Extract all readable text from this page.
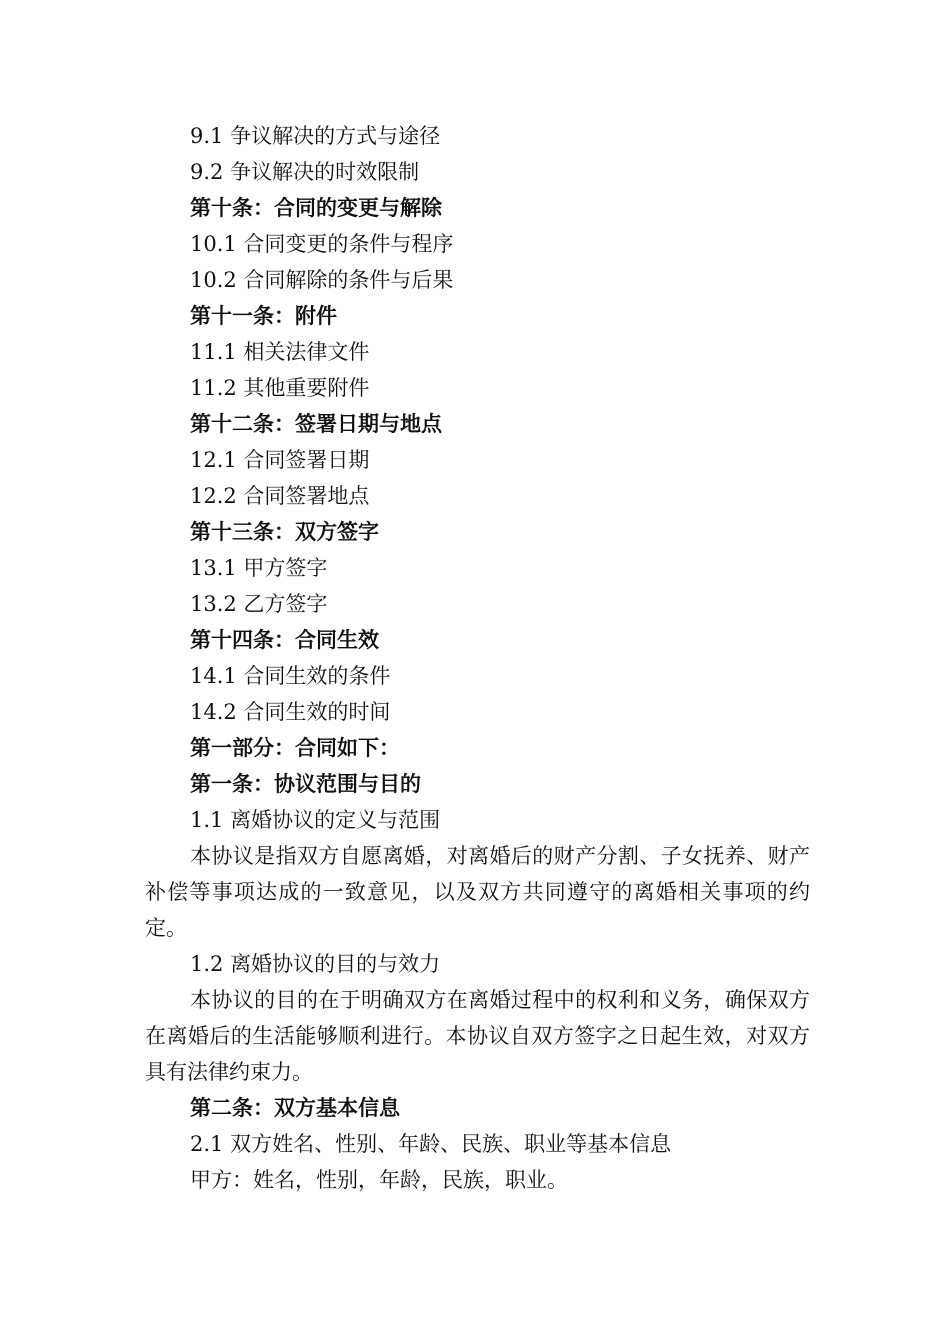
9.1 争议解决的方式与途径
9.2 争议解决的时效限制
第十条：合同的变更与解除
10.1 合同变更的条件与程序
10.2 合同解除的条件与后果
第十一条：附件
11.1 相关法律文件
11.2 其他重要附件
第十二条：签署日期与地点
12.1 合同签署日期
12.2 合同签署地点
第十三条：双方签字
13.1 甲方签字
13.2 乙方签字
第十四条：合同生效
14.1 合同生效的条件
14.2 合同生效的时间
第一部分：合同如下：
第一条：协议范围与目的
1.1 离婚协议的定义与范围

本协议是指双方自愿离婚，对离婚后的财产分割、子女抚养、财产补偿等事项达成的一致意见，以及双方共同遵守的离婚相关事项的约定。

1.2 离婚协议的目的与效力

本协议的目的在于明确双方在离婚过程中的权利和义务，确保双方在离婚后的生活能够顺利进行。本协议自双方签字之日起生效，对双方具有法律约束力。

第二条：双方基本信息
2.1 双方姓名、性别、年龄、民族、职业等基本信息
甲方：姓名，性别，年龄，民族，职业。
